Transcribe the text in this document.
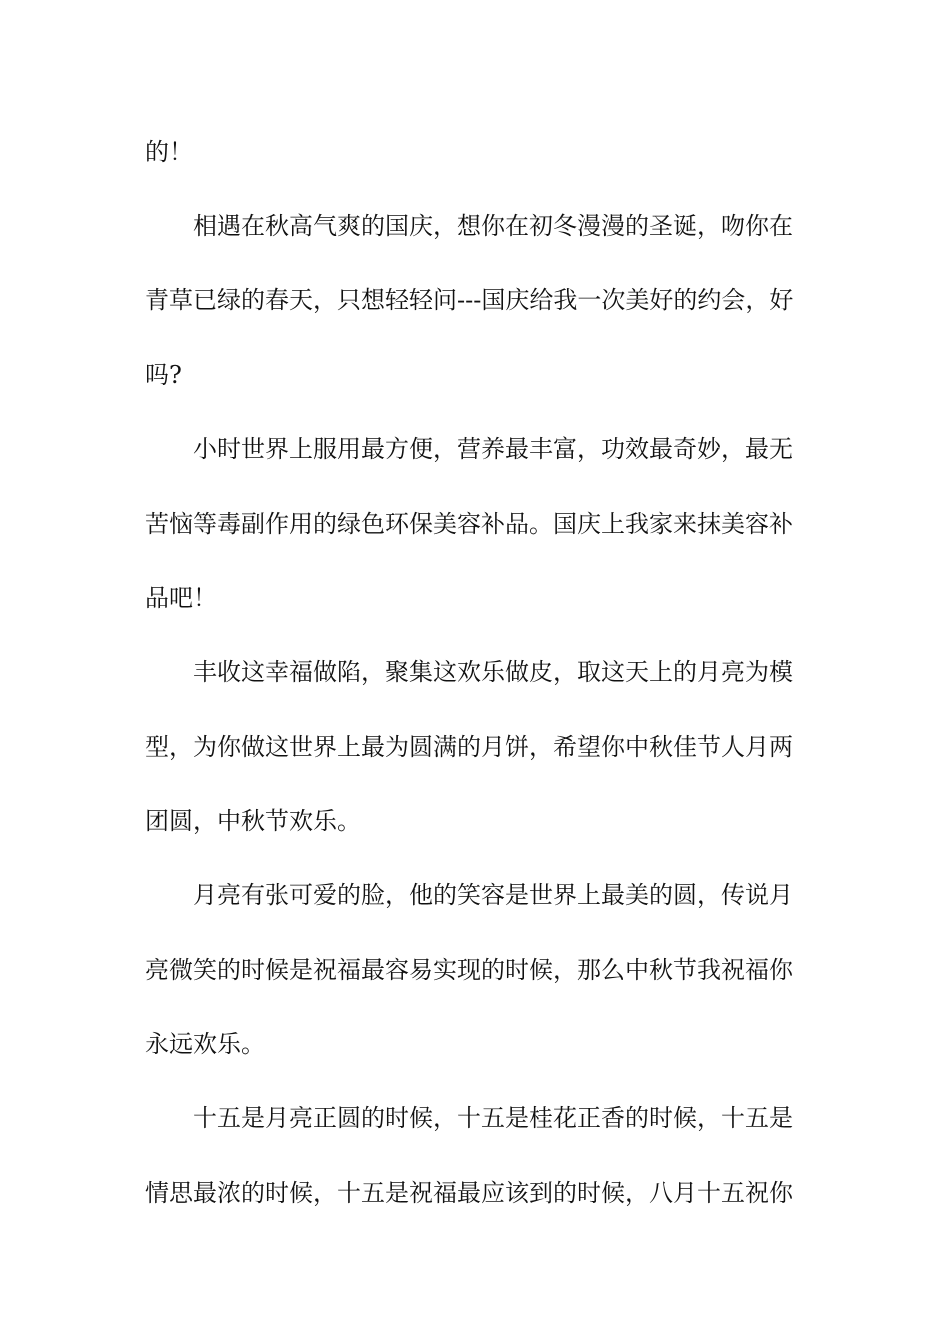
的！
相遇在秋高气爽的国庆，想你在初冬漫漫的圣诞，吻你在
青草已绿的春天，只想轻轻问---国庆给我一次美好的约会，好
吗?
小时世界上服用最方便，营养最丰富，功效最奇妙，最无
苦恼等毒副作用的绿色环保美容补品。国庆上我家来抹美容补
品吧！
丰收这幸福做陷，聚集这欢乐做皮，取这天上的月亮为模
型，为你做这世界上最为圆满的月饼，希望你中秋佳节人月两
团圆，中秋节欢乐。
月亮有张可爱的脸，他的笑容是世界上最美的圆，传说月
亮微笑的时候是祝福最容易实现的时候，那么中秋节我祝福你
永远欢乐。
十五是月亮正圆的时候，十五是桂花正香的时候，十五是
情思最浓的时候，十五是祝福最应该到的时候，八月十五祝你
